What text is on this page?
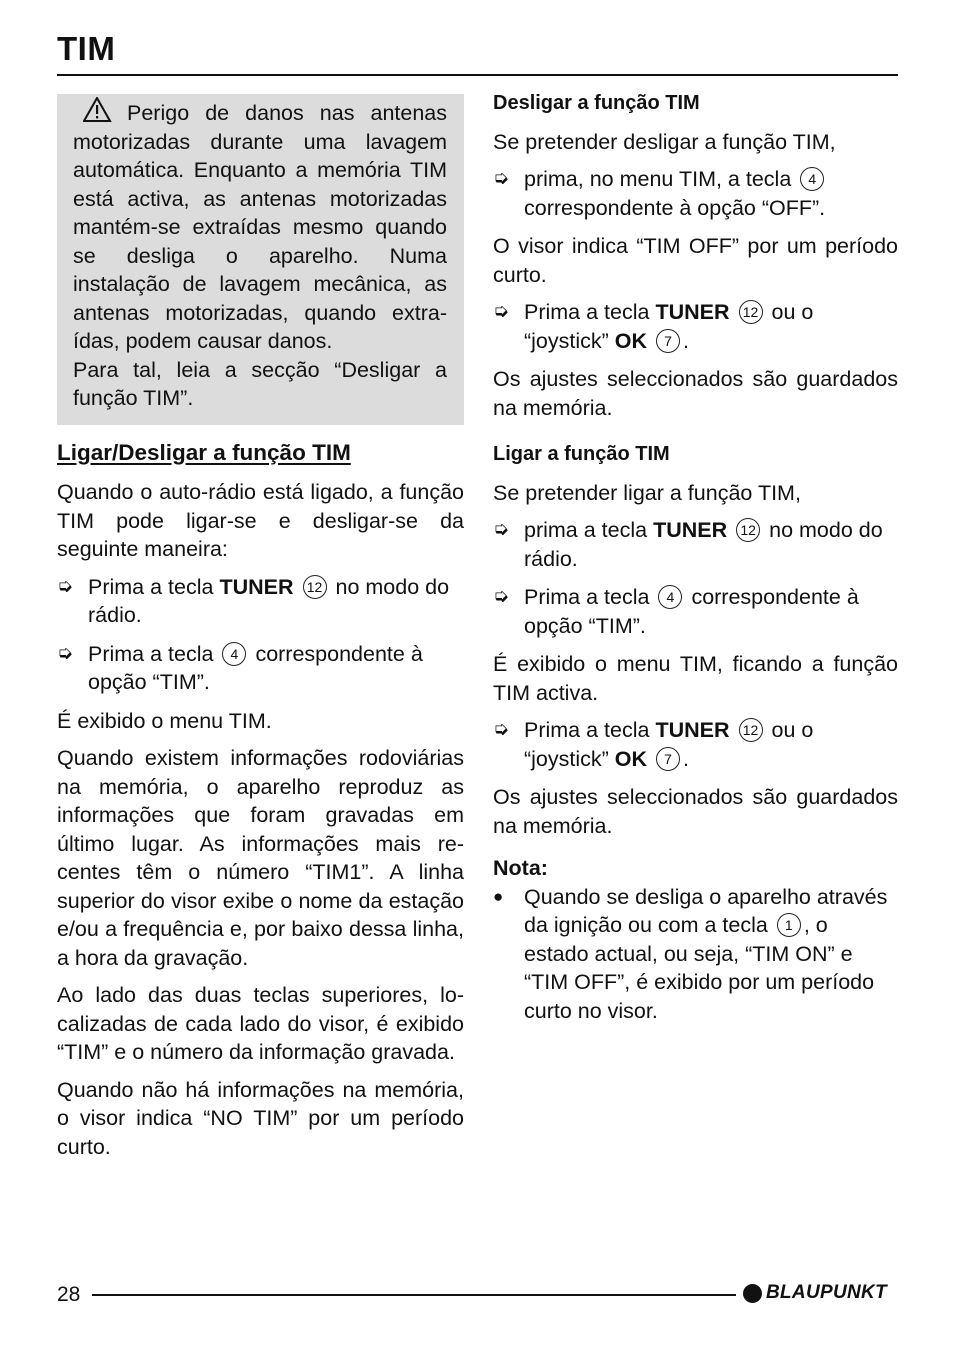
TIM

Perigo de danos nas antenas motorizadas durante uma lavagem automática. Enquanto a memória TIM está activa, as antenas motorizadas mantém-se extraídas mesmo quando se desliga o aparelho. Numa instalação de lavagem mecânica, as antenas motorizadas, quando extraídas, podem causar danos.

Para tal, leia a secção “Desligar a função TIM”.

Ligar/Desligar a função TIM

Quando o auto-rádio está ligado, a função TIM pode ligar-se e desligar-se da seguinte maneira:

➭ Prima a tecla TUNER 12 no modo do rádio.
➭ Prima a tecla 4 correspondente à opção “TIM”.

É exibido o menu TIM.

Quando existem informações rodoviárias na memória, o aparelho reproduz as informações que foram gravadas em último lugar. As informações mais recentes têm o número “TIM1”. A linha superior do visor exibe o nome da estação e/ou a frequência e, por baixo dessa linha, a hora da gravação.

Ao lado das duas teclas superiores, localizadas de cada lado do visor, é exibido “TIM” e o número da informação gravada.

Quando não há informações na memória, o visor indica “NO TIM” por um período curto.

Desligar a função TIM

Se pretender desligar a função TIM,

➭ prima, no menu TIM, a tecla 4 correspondente à opção “OFF”.

O visor indica “TIM OFF” por um período curto.

➭ Prima a tecla TUNER 12 ou o “joystick” OK 7 .

Os ajustes seleccionados são guardados na memória.

Ligar a função TIM

Se pretender ligar a função TIM,

➭ prima a tecla TUNER 12 no modo do rádio.
➭ Prima a tecla 4 correspondente à opção “TIM”.

É exibido o menu TIM, ficando a função TIM activa.

➭ Prima a tecla TUNER 12 ou o “joystick” OK 7 .

Os ajustes seleccionados são guardados na memória.

Nota:
● Quando se desliga o aparelho através da ignição ou com a tecla 1 , o estado actual, ou seja, “TIM ON” e “TIM OFF”, é exibido por um período curto no visor.
28	BLAUPUNKT
